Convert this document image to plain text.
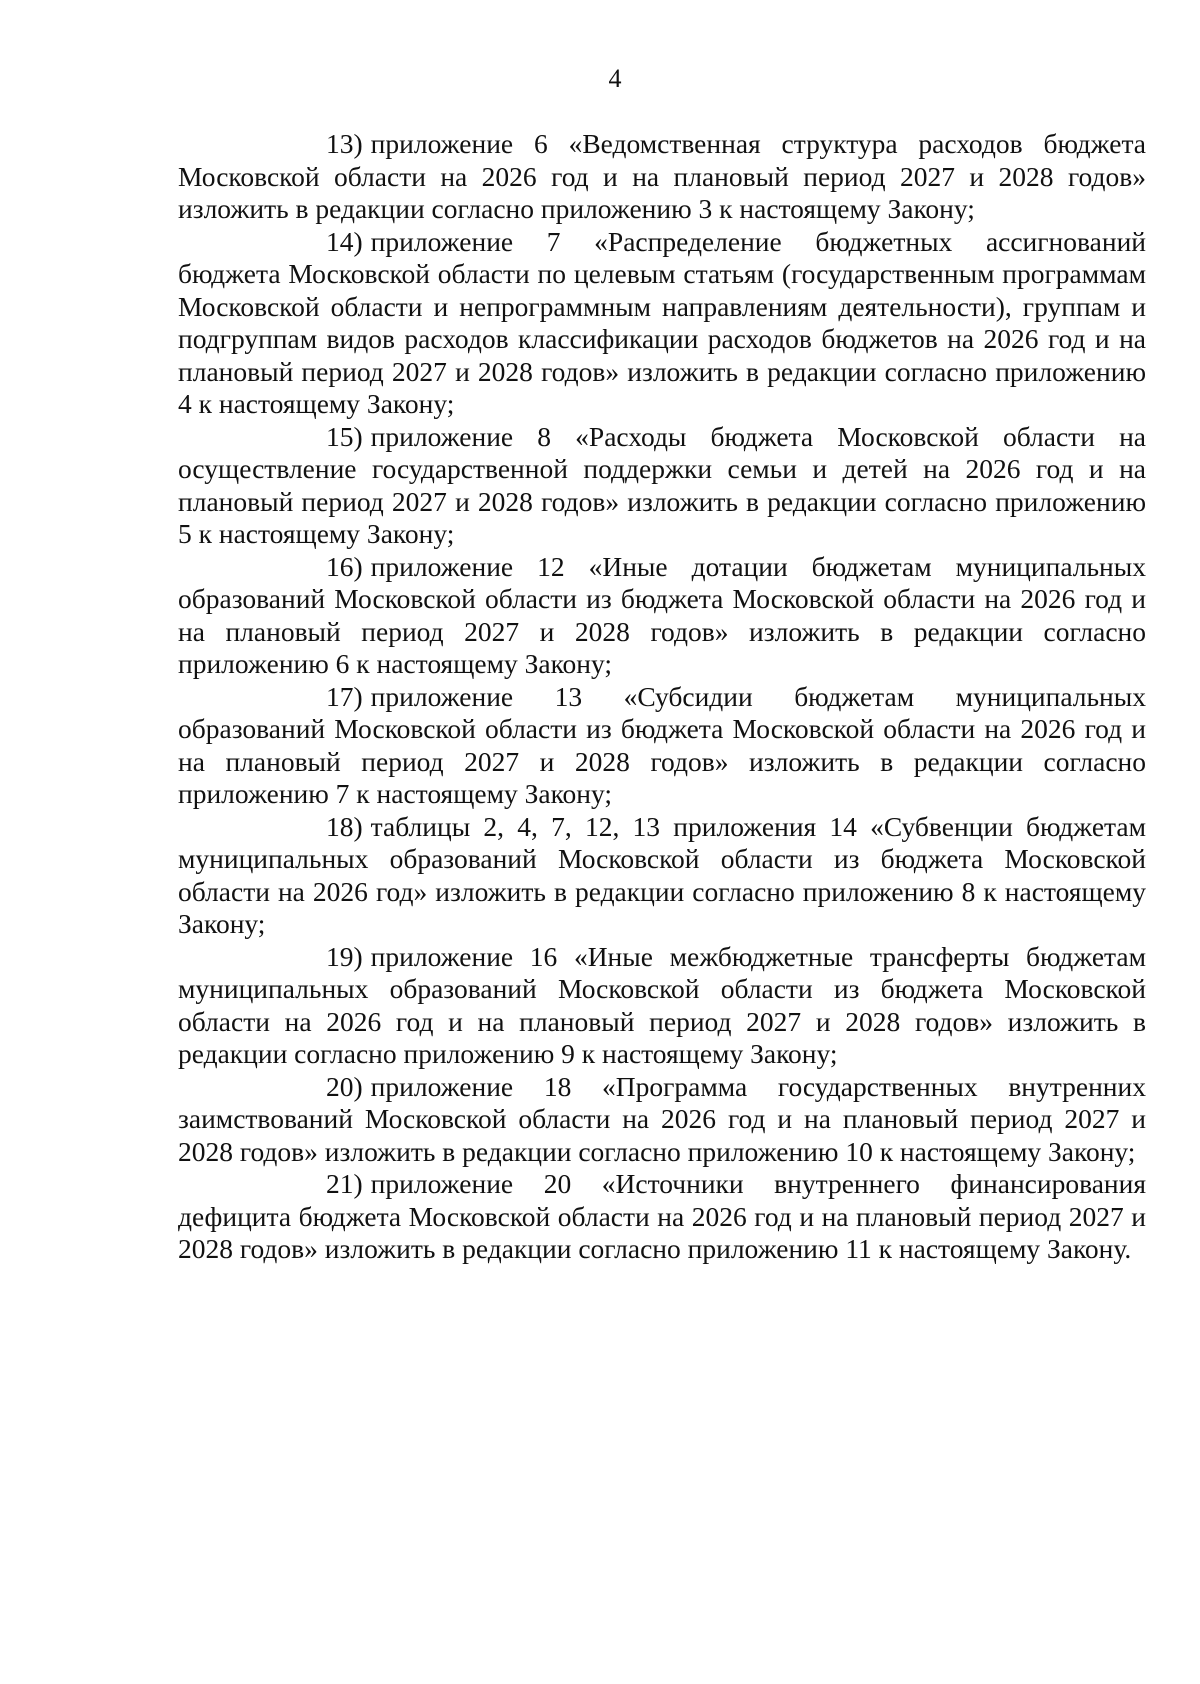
4

13) приложение 6 «Ведомственная структура расходов бюджета Московской области на 2026 год и на плановый период 2027 и 2028 годов» изложить в редакции согласно приложению 3 к настоящему Закону;

14) приложение 7 «Распределение бюджетных ассигнований бюджета Московской области по целевым статьям (государственным программам Московской области и непрограммным направлениям деятельности), группам и подгруппам видов расходов классификации расходов бюджетов на 2026 год и на плановый период 2027 и 2028 годов» изложить в редакции согласно приложению 4 к настоящему Закону;

15) приложение 8 «Расходы бюджета Московской области на осуществление государственной поддержки семьи и детей на 2026 год и на плановый период 2027 и 2028 годов» изложить в редакции согласно приложению 5 к настоящему Закону;

16) приложение 12 «Иные дотации бюджетам муниципальных образований Московской области из бюджета Московской области на 2026 год и на плановый период 2027 и 2028 годов» изложить в редакции согласно приложению 6 к настоящему Закону;

17) приложение 13 «Субсидии бюджетам муниципальных образований Московской области из бюджета Московской области на 2026 год и на плановый период 2027 и 2028 годов» изложить в редакции согласно приложению 7 к настоящему Закону;

18) таблицы 2, 4, 7, 12, 13 приложения 14 «Субвенции бюджетам муниципальных образований Московской области из бюджета Московской области на 2026 год» изложить в редакции согласно приложению 8 к настоящему Закону;

19) приложение 16 «Иные межбюджетные трансферты бюджетам муниципальных образований Московской области из бюджета Московской области на 2026 год и на плановый период 2027 и 2028 годов» изложить в редакции согласно приложению 9 к настоящему Закону;

20) приложение 18 «Программа государственных внутренних заимствований Московской области на 2026 год и на плановый период 2027 и 2028 годов» изложить в редакции согласно приложению 10 к настоящему Закону;

21) приложение 20 «Источники внутреннего финансирования дефицита бюджета Московской области на 2026 год и на плановый период 2027 и 2028 годов» изложить в редакции согласно приложению 11 к настоящему Закону.
